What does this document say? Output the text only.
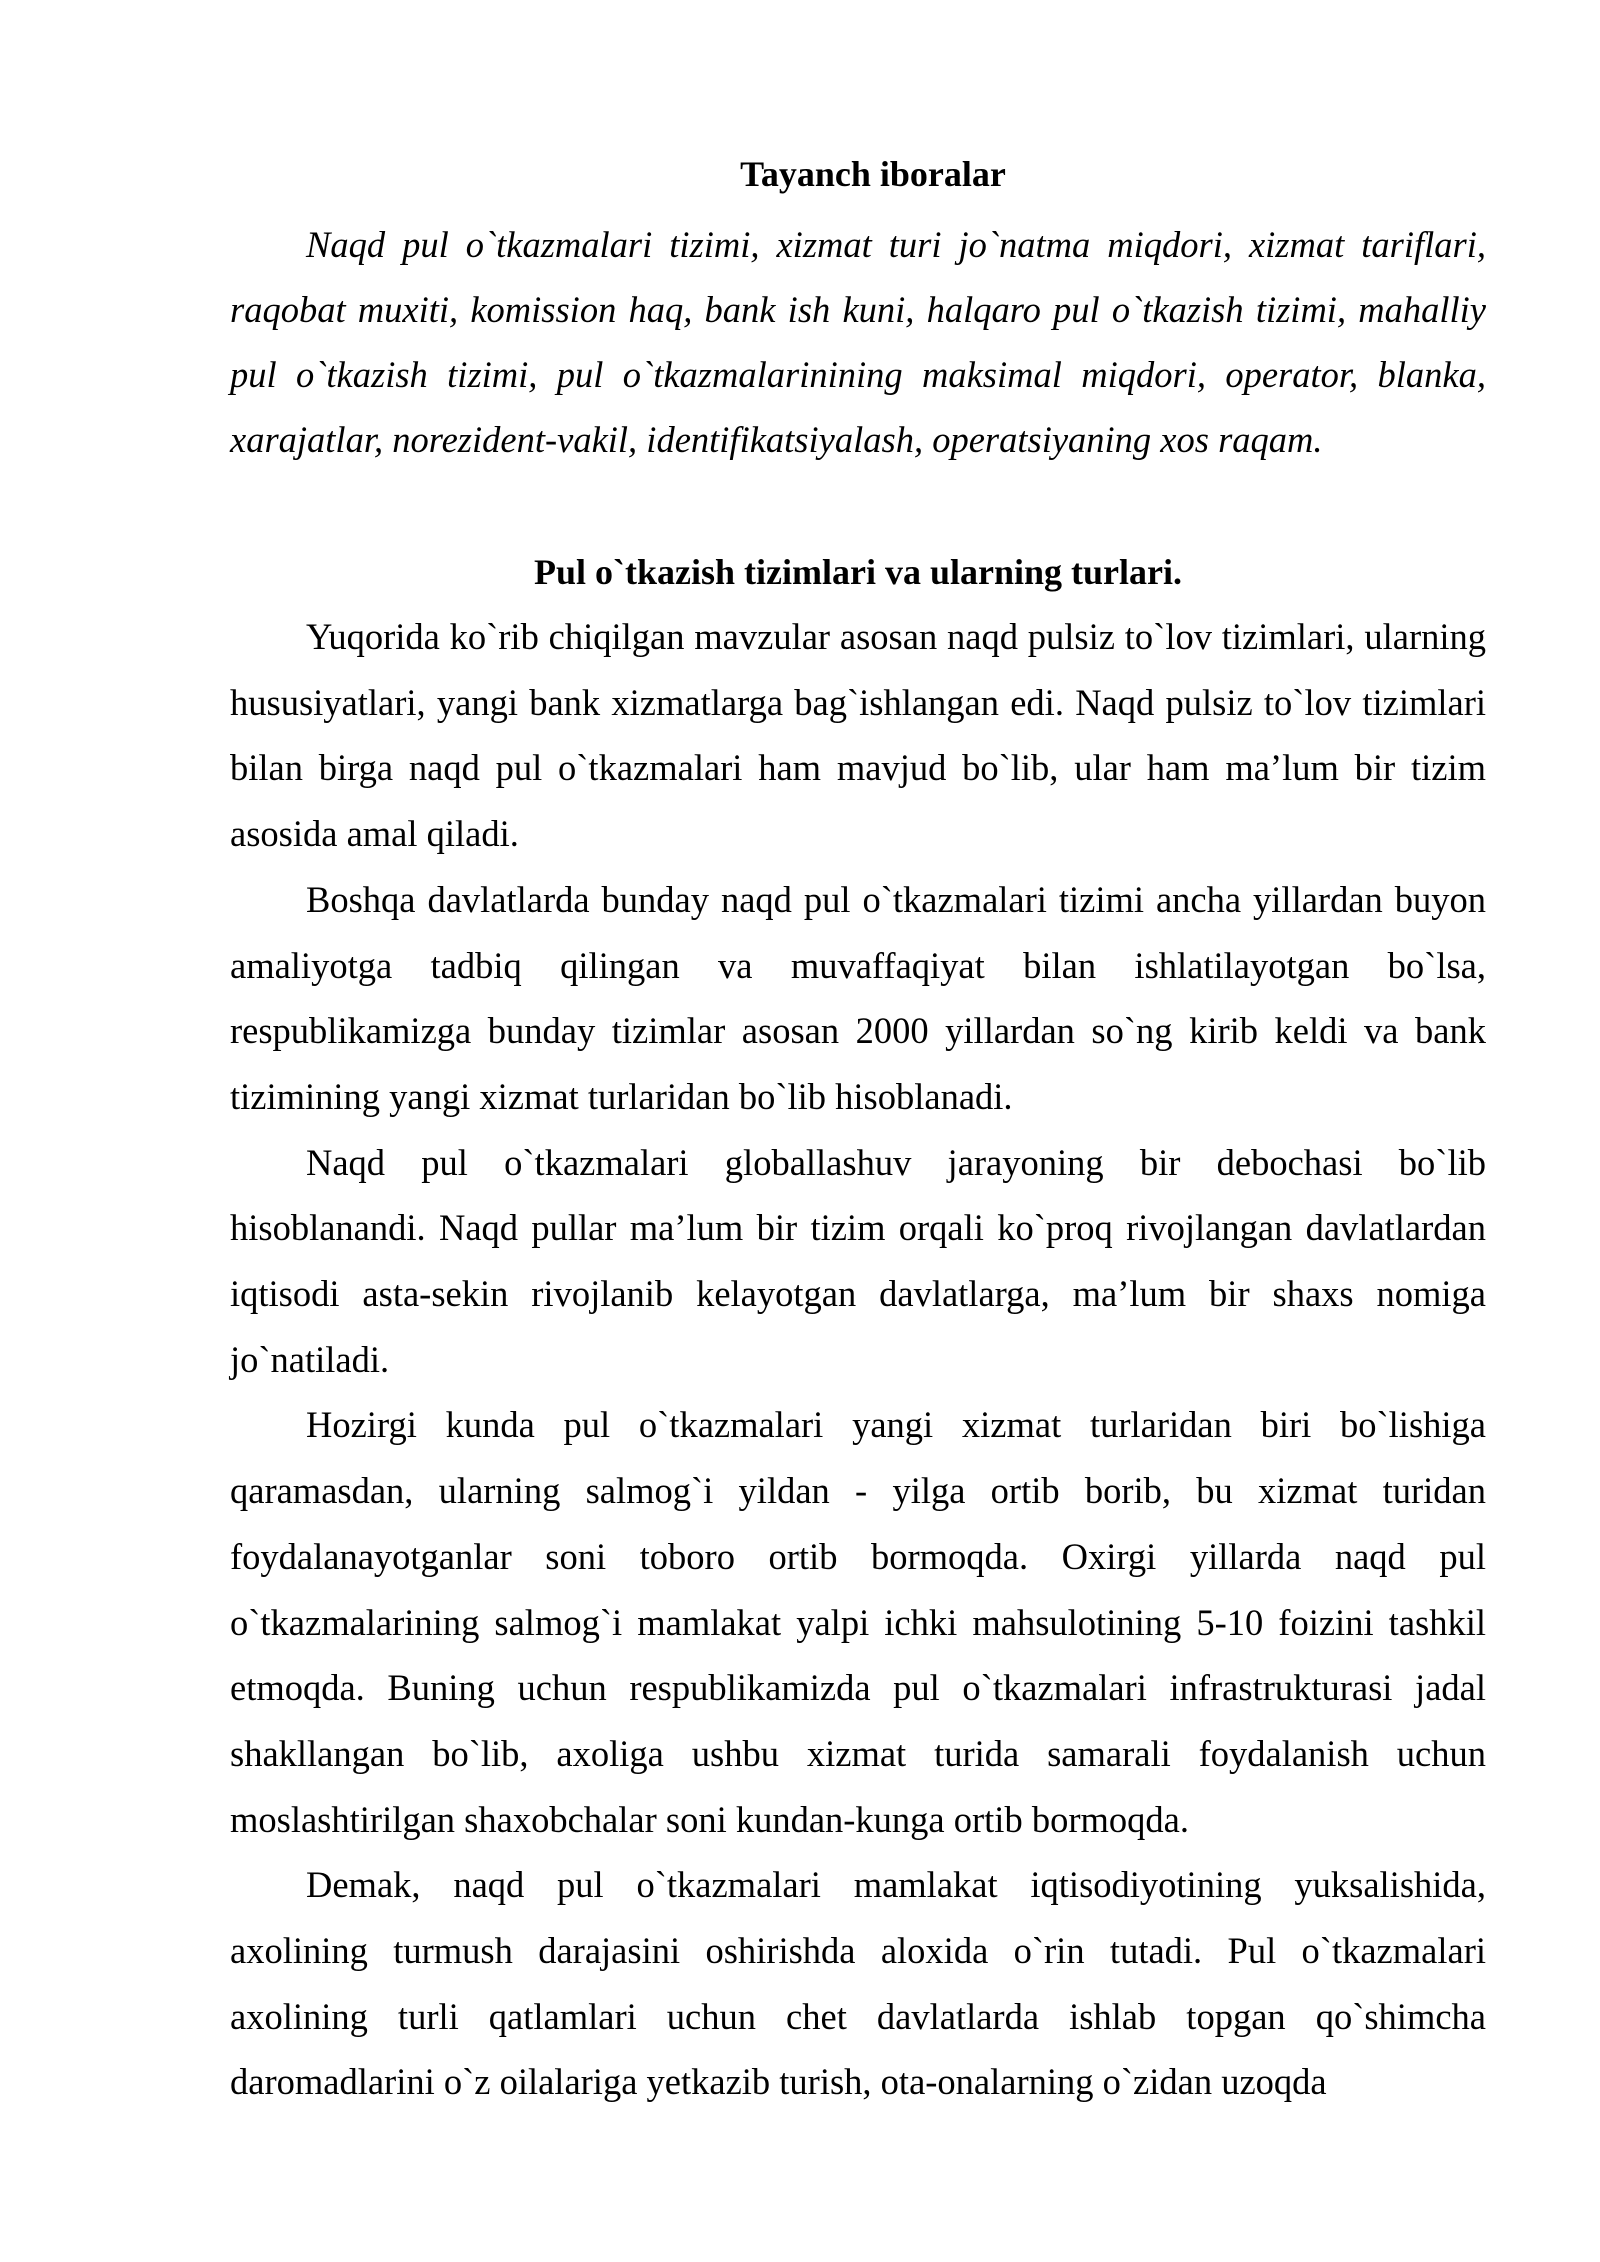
Tayanch iboralar

Naqd pul o`tkazmalari tizimi, xizmat turi jo`natma miqdori, xizmat tariflari, raqobat muxiti, komission haq, bank ish kuni, halqaro pul o`tkazish tizimi, mahalliy pul o`tkazish tizimi, pul o`tkazmalarinining maksimal miqdori, operator, blanka, xarajatlar, norezident-vakil, identifikatsiyalash, operatsiyaning xos raqam.

Pul o`tkazish tizimlari va ularning turlari.

Yuqorida ko`rib chiqilgan mavzular asosan naqd pulsiz to`lov tizimlari, ularning hususiyatlari, yangi bank xizmatlarga bag`ishlangan edi. Naqd pulsiz to`lov tizimlari bilan birga naqd pul o`tkazmalari ham mavjud bo`lib, ular ham ma’lum bir tizim asosida amal qiladi.

Boshqa davlatlarda bunday naqd pul o`tkazmalari tizimi ancha yillardan buyon amaliyotga tadbiq qilingan va muvaffaqiyat bilan ishlatilayotgan bo`lsa, respublikamizga bunday tizimlar asosan 2000 yillardan so`ng kirib keldi va bank tizimining yangi xizmat turlaridan bo`lib hisoblanadi.

Naqd pul o`tkazmalari globallashuv jarayoning bir debochasi bo`lib hisoblanandi. Naqd pullar ma’lum bir tizim orqali ko`proq rivojlangan davlatlardan iqtisodi asta-sekin rivojlanib kelayotgan davlatlarga, ma’lum bir shaxs nomiga jo`natiladi.

Hozirgi kunda pul o`tkazmalari yangi xizmat turlaridan biri bo`lishiga qaramasdan, ularning salmog`i yildan - yilga ortib borib, bu xizmat turidan foydalanayotganlar soni toboro ortib bormoqda. Oxirgi yillarda naqd pul o`tkazmalarining salmog`i mamlakat yalpi ichki mahsulotining 5-10 foizini tashkil etmoqda. Buning uchun respublikamizda pul o`tkazmalari infrastrukturasi jadal shakllangan bo`lib, axoliga ushbu xizmat turida samarali foydalanish uchun moslashtirilgan shaxobchalar soni kundan-kunga ortib bormoqda.

Demak, naqd pul o`tkazmalari mamlakat iqtisodiyotining yuksalishida, axolining turmush darajasini oshirishda aloxida o`rin tutadi. Pul o`tkazmalari axolining turli qatlamlari uchun chet davlatlarda ishlab topgan qo`shimcha daromadlarini o`z oilalariga yetkazib turish, ota-onalarning o`zidan uzoqda
